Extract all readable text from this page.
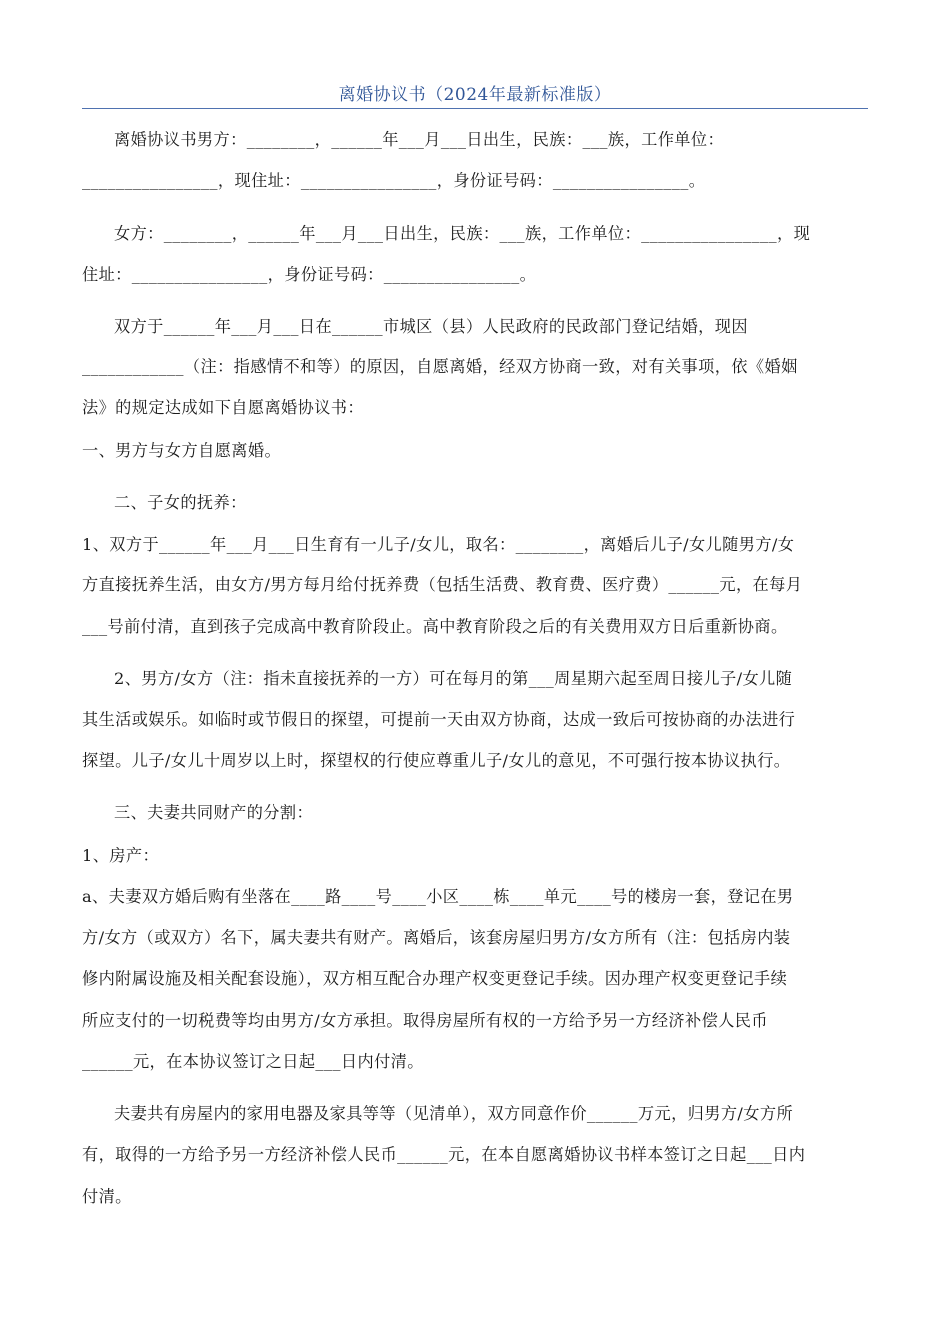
离婚协议书（2024年最新标准版）
离婚协议书男方：________，______年___月___日出生，民族：___族，工作单位：
________________，现住址：________________，身份证号码：________________。
女方：________，______年___月___日出生，民族：___族，工作单位：________________，现
住址：________________，身份证号码：________________。
双方于______年___月___日在______市城区（县）人民政府的民政部门登记结婚，现因
____________（注：指感情不和等）的原因，自愿离婚，经双方协商一致，对有关事项，依《婚姻
法》的规定达成如下自愿离婚协议书：
一、男方与女方自愿离婚。
二、子女的抚养：
1、双方于______年___月___日生育有一儿子/女儿，取名：________，离婚后儿子/女儿随男方/女
方直接抚养生活，由女方/男方每月给付抚养费（包括生活费、教育费、医疗费）______元，在每月
___号前付清，直到孩子完成高中教育阶段止。高中教育阶段之后的有关费用双方日后重新协商。
2、男方/女方（注：指未直接抚养的一方）可在每月的第___周星期六起至周日接儿子/女儿随
其生活或娱乐。如临时或节假日的探望，可提前一天由双方协商，达成一致后可按协商的办法进行
探望。儿子/女儿十周岁以上时，探望权的行使应尊重儿子/女儿的意见，不可强行按本协议执行。
三、夫妻共同财产的分割：
1、房产：
a、夫妻双方婚后购有坐落在____路____号____小区____栋____单元____号的楼房一套，登记在男
方/女方（或双方）名下，属夫妻共有财产。离婚后，该套房屋归男方/女方所有（注：包括房内装
修内附属设施及相关配套设施），双方相互配合办理产权变更登记手续。因办理产权变更登记手续
所应支付的一切税费等均由男方/女方承担。取得房屋所有权的一方给予另一方经济补偿人民币
______元，在本协议签订之日起___日内付清。
夫妻共有房屋内的家用电器及家具等等（见清单），双方同意作价______万元，归男方/女方所
有，取得的一方给予另一方经济补偿人民币______元，在本自愿离婚协议书样本签订之日起___日内
付清。
